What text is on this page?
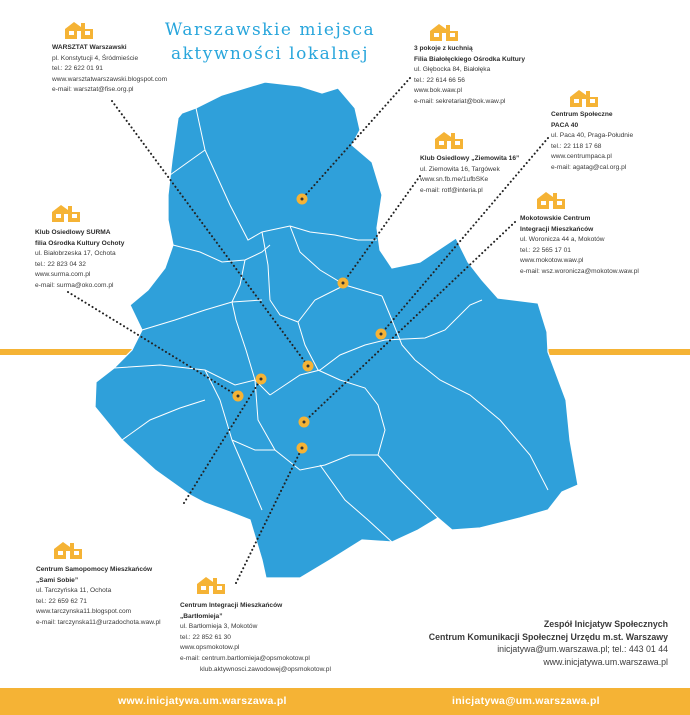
Warszawskie miejsca
aktywności lokalnej
WARSZTAT Warszawski
pl. Konstytucji 4, Śródmieście
tel.: 22 622 01 91
www.warsztatwarszawski.blogspot.com
e-mail: warsztat@fise.org.pl
3 pokoje z kuchnią
Filia Białołęckiego Ośrodka Kultury
ul. Głębocka 84, Białołęka
tel.: 22 614 66 56
www.bok.waw.pl
e-mail: sekretariat@bok.waw.pl
Centrum Społeczne
PACA 40
ul. Paca 40, Praga-Południe
tel.: 22 118 17 68
www.centrumpaca.pl
e-mail: agatag@cal.org.pl
Klub Osiedlowy „Ziemowita 16”
ul. Ziemowita 16, Targówek
www.sn.fb.me/1ufbSKe
e-mail: rotf@interia.pl
Mokotowskie Centrum
Integracji Mieszkańców
ul. Woronicza 44 a, Mokotów
tel.: 22 565 17 01
www.mokotow.waw.pl
e-mail: wsz.woronicza@mokotow.waw.pl
Klub Osiedlowy SURMA
filia Ośrodka Kultury Ochoty
ul. Białobrzeska 17, Ochota
tel.: 22 823 04 32
www.surma.com.pl
e-mail: surma@oko.com.pl
Centrum Samopomocy Mieszkańców
„Sami Sobie”
ul. Tarczyńska 11, Ochota
tel.: 22 659 62 71
www.tarczynska11.blogspot.com
e-mail: tarczynska11@urzadochota.waw.pl
Centrum Integracji Mieszkańców
„Bartłomieja”
ul. Bartłomieja 3, Mokotów
tel.: 22 852 61 30
www.opsmokotow.pl
e-mail: centrum.bartlomieja@opsmokotow.pl
klub.aktywnosci.zawodowej@opsmokotow.pl
Zespół Inicjatyw Społecznych
Centrum Komunikacji Społecznej Urzędu m.st. Warszawy
inicjatywa@um.warszawa.pl; tel.: 443 01 44
www.inicjatywa.um.warszawa.pl
www.inicjatywa.um.warszawa.pl	inicjatywa@um.warszawa.pl
